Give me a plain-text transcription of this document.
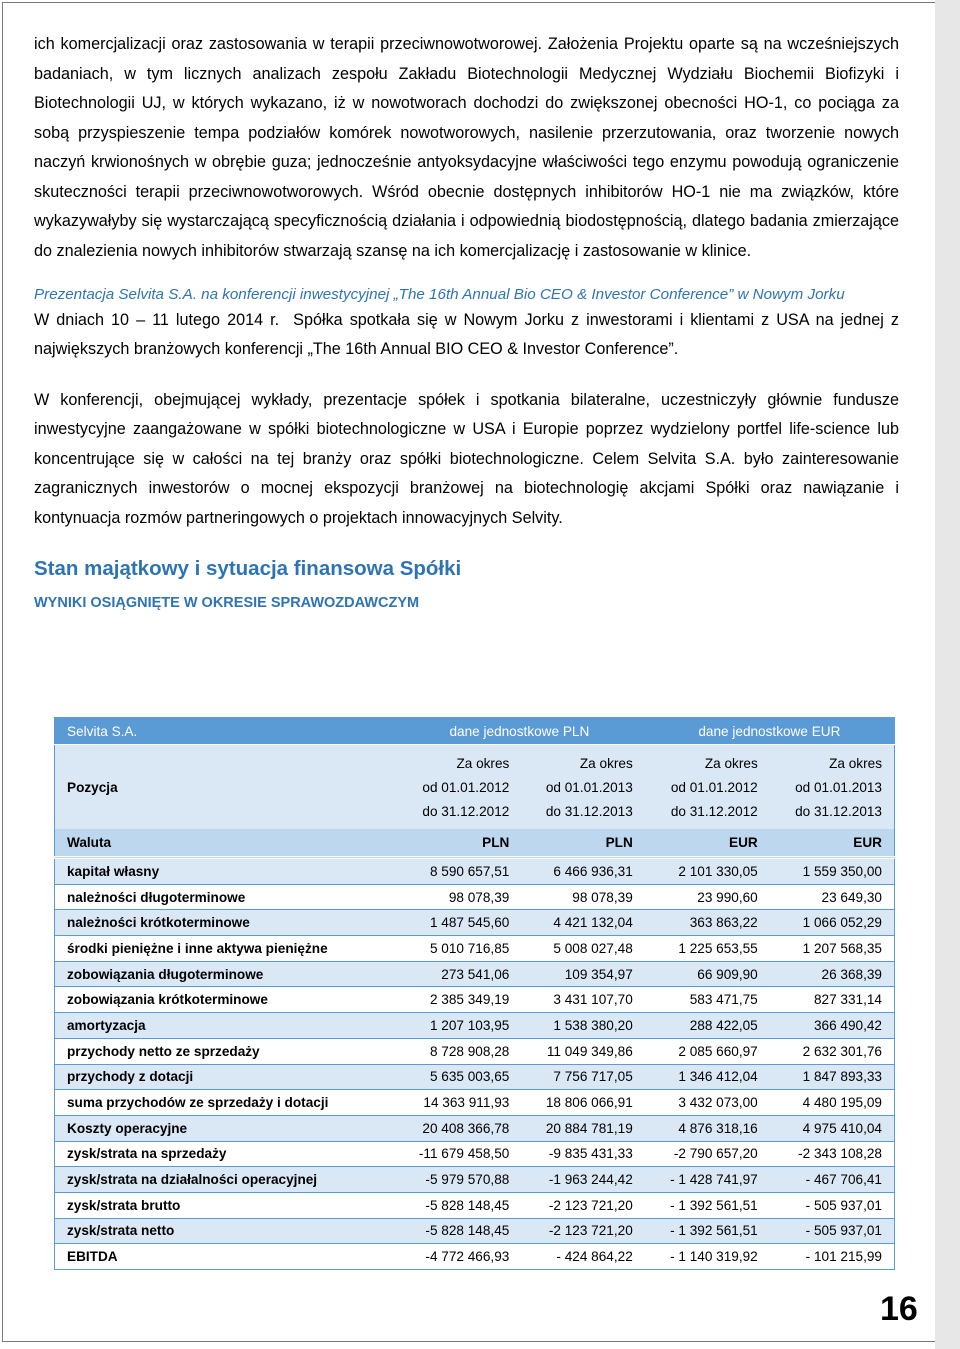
ich komercjalizacji oraz zastosowania w terapii przeciwnowotworowej. Założenia Projektu oparte są na wcześniejszych badaniach, w tym licznych analizach zespołu Zakładu Biotechnologii Medycznej Wydziału Biochemii Biofizyki i Biotechnologii UJ, w których wykazano, iż w nowotworach dochodzi do zwiększonej obecności HO-1, co pociąga za sobą przyspieszenie tempa podziałów komórek nowotworowych, nasilenie przerzutowania, oraz tworzenie nowych naczyń krwionośnych w obrębie guza; jednocześnie antyoksydacyjne właściwości tego enzymu powodują ograniczenie skuteczności terapii przeciwnowotworowych. Wśród obecnie dostępnych inhibitorów HO-1 nie ma związków, które wykazywałyby się wystarczającą specyficznością działania i odpowiednią biodostępnością, dlatego badania zmierzające do znalezienia nowych inhibitorów stwarzają szansę na ich komercjalizację i zastosowanie w klinice.

Prezentacja Selvita S.A. na konferencji inwestycyjnej „The 16th Annual Bio CEO & Investor Conference” w Nowym Jorku

W dniach 10 – 11 lutego 2014 r. Spółka spotkała się w Nowym Jorku z inwestorami i klientami z USA na jednej z największych branżowych konferencji „The 16th Annual BIO CEO & Investor Conference”.

W konferencji, obejmującej wykłady, prezentacje spółek i spotkania bilateralne, uczestniczyły głównie fundusze inwestycyjne zaangażowane w spółki biotechnologiczne w USA i Europie poprzez wydzielony portfel life-science lub koncentrujące się w całości na tej branży oraz spółki biotechnologiczne. Celem Selvita S.A. było zainteresowanie zagranicznych inwestorów o mocnej ekspozycji branżowej na biotechnologię akcjami Spółki oraz nawiązanie i kontynuacja rozmów partneringowych o projektach innowacyjnych Selvity.

Stan majątkowy i sytuacja finansowa Spółki
WYNIKI OSIĄGNIĘTE W OKRESIE SPRAWOZDAWCZYM
Selvita S.A.	dane jednostkowe PLN		dane jednostkowe EUR	
	Za okres	Za okres	Za okres	Za okres
Pozycja	od 01.01.2012	od 01.01.2013	od 01.01.2012	od 01.01.2013
	do 31.12.2012	do 31.12.2013	do 31.12.2012	do 31.12.2013
Waluta	PLN	PLN	EUR	EUR
kapitał własny	8 590 657,51	6 466 936,31	2 101 330,05	1 559 350,00
należności długoterminowe	98 078,39	98 078,39	23 990,60	23 649,30
należności krótkoterminowe	1 487 545,60	4 421 132,04	363 863,22	1 066 052,29
środki pieniężne i inne aktywa pieniężne	5 010 716,85	5 008 027,48	1 225 653,55	1 207 568,35
zobowiązania długoterminowe	273 541,06	109 354,97	66 909,90	26 368,39
zobowiązania krótkoterminowe	2 385 349,19	3 431 107,70	583 471,75	827 331,14
amortyzacja	1 207 103,95	1 538 380,20	288 422,05	366 490,42
przychody netto ze sprzedaży	8 728 908,28	11 049 349,86	2 085 660,97	2 632 301,76
przychody z dotacji	5 635 003,65	7 756 717,05	1 346 412,04	1 847 893,33
suma przychodów ze sprzedaży i dotacji	14 363 911,93	18 806 066,91	3 432 073,00	4 480 195,09
Koszty operacyjne	20 408 366,78	20 884 781,19	4 876 318,16	4 975 410,04
zysk/strata na sprzedaży	-11 679 458,50	-9 835 431,33	-2 790 657,20	-2 343 108,28
zysk/strata na działalności operacyjnej	-5 979 570,88	-1 963 244,42	- 1 428 741,97	- 467 706,41
zysk/strata brutto	-5 828 148,45	-2 123 721,20	- 1 392 561,51	- 505 937,01
zysk/strata netto	-5 828 148,45	-2 123 721,20	- 1 392 561,51	- 505 937,01
EBITDA	-4 772 466,93	- 424 864,22	- 1 140 319,92	- 101 215,99
16
